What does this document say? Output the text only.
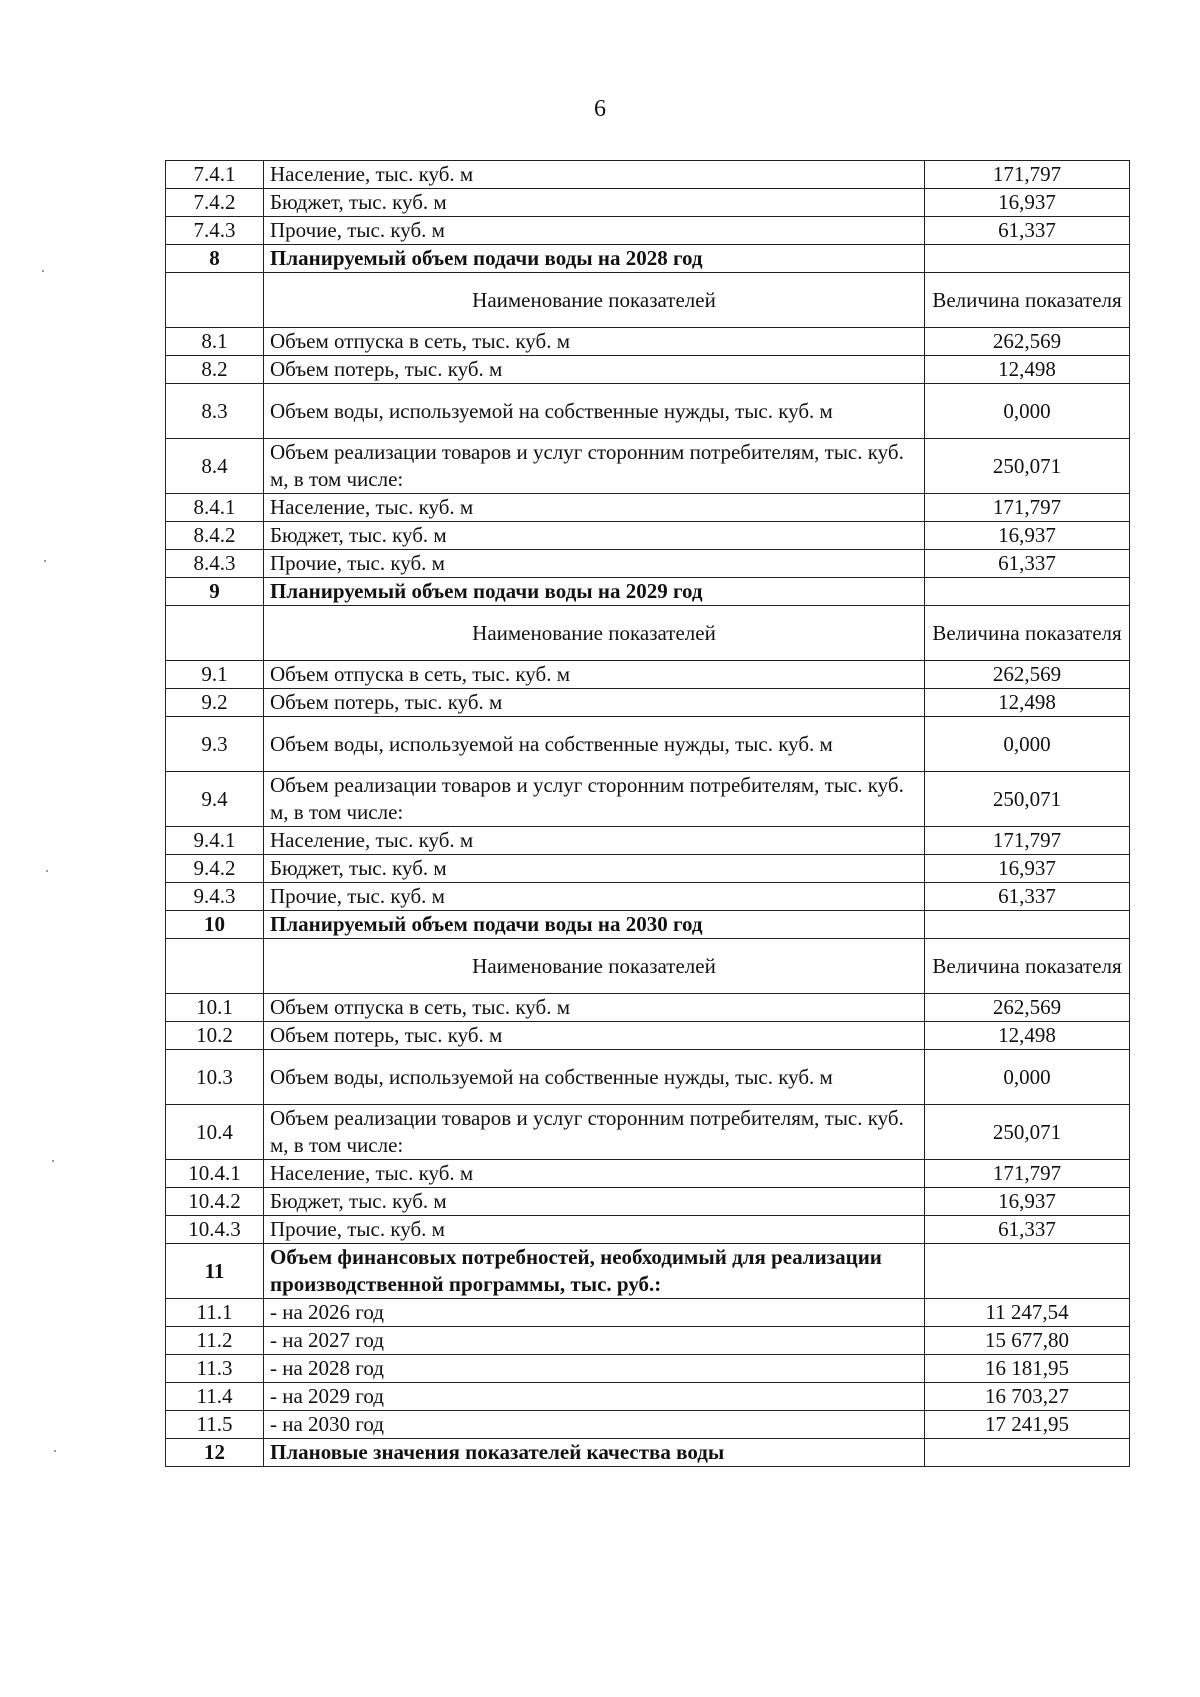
6
7.4.1	Население, тыс. куб. м	171,797
7.4.2	Бюджет, тыс. куб. м	16,937
7.4.3	Прочие, тыс. куб. м	61,337
8	Планируемый объем подачи воды на 2028 год	
	Наименование показателей	Величина показателя
8.1	Объем отпуска в сеть, тыс. куб. м	262,569
8.2	Объем потерь, тыс. куб. м	12,498
8.3	Объем воды, используемой на собственные нужды, тыс. куб. м	0,000
8.4	Объем реализации товаров и услуг сторонним потребителям, тыс. куб. м, в том числе:	250,071
8.4.1	Население, тыс. куб. м	171,797
8.4.2	Бюджет, тыс. куб. м	16,937
8.4.3	Прочие, тыс. куб. м	61,337
9	Планируемый объем подачи воды на 2029 год	
	Наименование показателей	Величина показателя
9.1	Объем отпуска в сеть, тыс. куб. м	262,569
9.2	Объем потерь, тыс. куб. м	12,498
9.3	Объем воды, используемой на собственные нужды, тыс. куб. м	0,000
9.4	Объем реализации товаров и услуг сторонним потребителям, тыс. куб. м, в том числе:	250,071
9.4.1	Население, тыс. куб. м	171,797
9.4.2	Бюджет, тыс. куб. м	16,937
9.4.3	Прочие, тыс. куб. м	61,337
10	Планируемый объем подачи воды на 2030 год	
	Наименование показателей	Величина показателя
10.1	Объем отпуска в сеть, тыс. куб. м	262,569
10.2	Объем потерь, тыс. куб. м	12,498
10.3	Объем воды, используемой на собственные нужды, тыс. куб. м	0,000
10.4	Объем реализации товаров и услуг сторонним потребителям, тыс. куб. м, в том числе:	250,071
10.4.1	Население, тыс. куб. м	171,797
10.4.2	Бюджет, тыс. куб. м	16,937
10.4.3	Прочие, тыс. куб. м	61,337
11	Объем финансовых потребностей, необходимый для реализации производственной программы, тыс. руб.:	
11.1	- на 2026 год	11 247,54
11.2	- на 2027 год	15 677,80
11.3	- на 2028 год	16 181,95
11.4	- на 2029 год	16 703,27
11.5	- на 2030 год	17 241,95
12	Плановые значения показателей качества воды	
